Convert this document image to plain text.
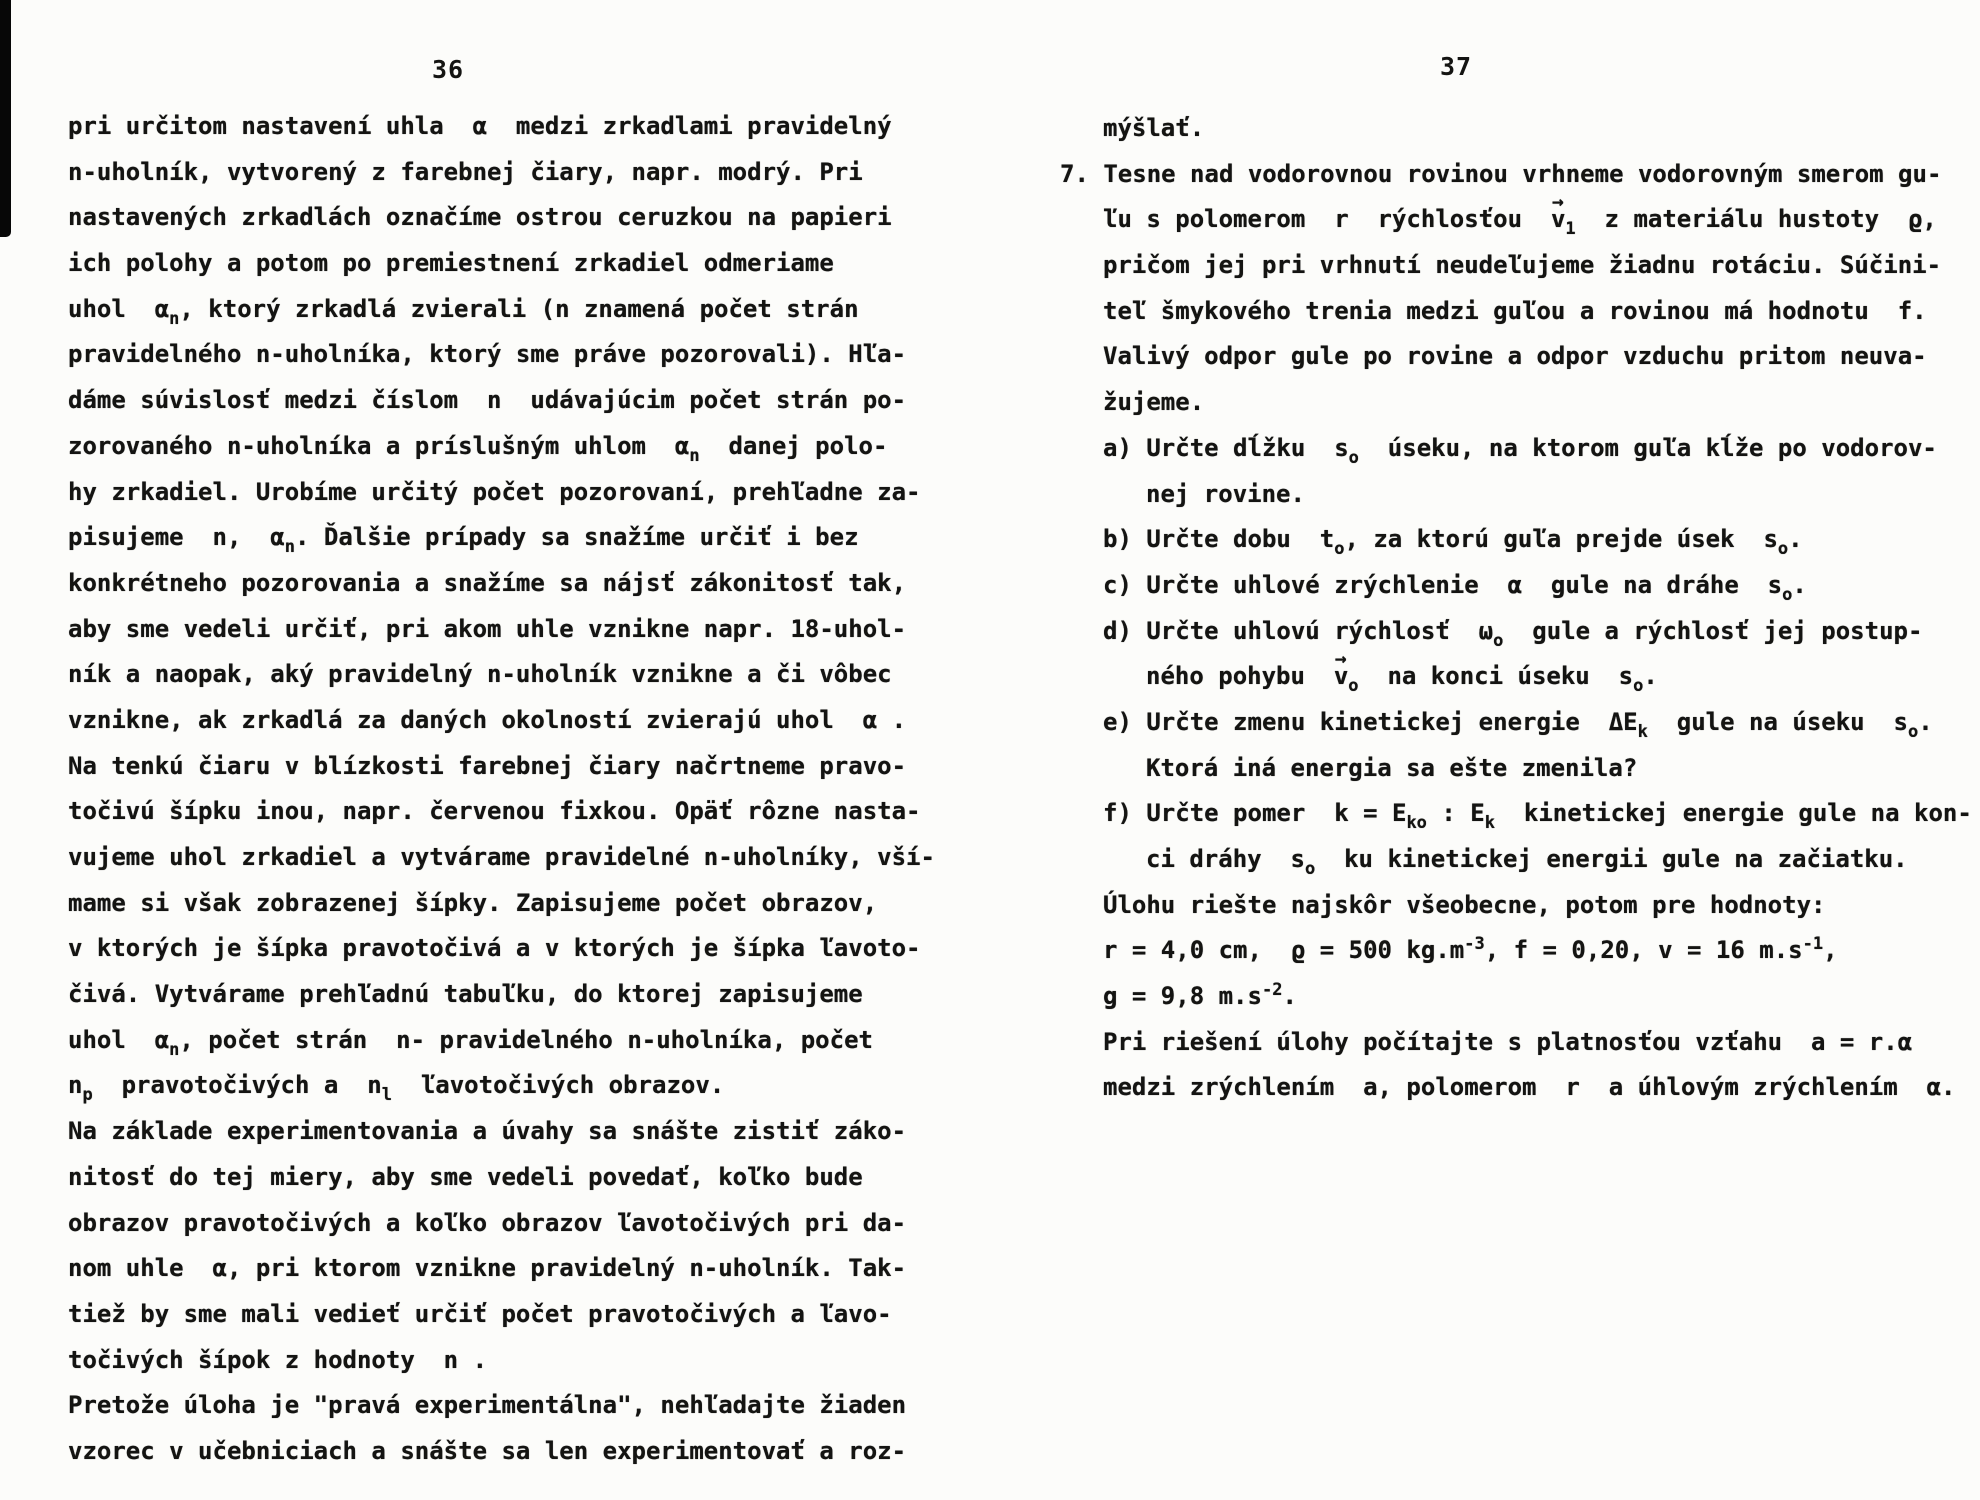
36	37
pri určitom nastavení uhla  α  medzi zrkadlami pravidelný
n-uholník, vytvorený z farebnej čiary, napr. modrý. Pri
nastavených zrkadlách označíme ostrou ceruzkou na papieri
ich polohy a potom po premiestnení zrkadiel odmeriame
uhol  $\alpha_n$, ktorý zrkadlá zvierali (n znamená počet strán
pravidelného n-uholníka, ktorý sme práve pozorovali). Hľa-
dáme súvislosť medzi číslom  n  udávajúcim počet strán po-
zorovaného n-uholníka a príslušným uhlom  $\alpha_n$  danej polo-
hy zrkadiel. Urobíme určitý počet pozorovaní, prehľadne za-
pisujeme  n,  $\alpha_n$. Ďalšie prípady sa snažíme určiť i bez
konkrétneho pozorovania a snažíme sa nájsť zákonitosť tak,
aby sme vedeli určiť, pri akom uhle vznikne napr. 18-uhol-
ník a naopak, aký pravidelný n-uholník vznikne a či vôbec
vznikne, ak zrkadlá za daných okolností zvierajú uhol  α .
Na tenkú čiaru v blízkosti farebnej čiary načrtneme pravo-
točivú šípku inou, napr. červenou fixkou. Opäť rôzne nasta-
vujeme uhol zrkadiel a vytvárame pravidelné n-uholníky, vší-
mame si však zobrazenej šípky. Zapisujeme počet obrazov,
v ktorých je šípka pravotočivá a v ktorých je šípka ľavoto-
čivá. Vytvárame prehľadnú tabuľku, do ktorej zapisujeme
uhol  $\alpha_n$, počet strán  n- pravidelného n-uholníka, počet
$n_p$  pravotočivých a  $n_l$  ľavotočivých obrazov.
Na základe experimentovania a úvahy sa snášte zistiť záko-
nitosť do tej miery, aby sme vedeli povedať, koľko bude
obrazov pravotočivých a koľko obrazov ľavotočivých pri da-
nom uhle  α, pri ktorom vznikne pravidelný n-uholník. Tak-
tiež by sme mali vedieť určiť počet pravotočivých a ľavo-
točivých šípok z hodnoty  n .
Pretože úloha je "pravá experimentálna", nehľadajte žiaden
vzorec v učebniciach a snášte sa len experimentovať a roz-
mýšlať.
7. Tesne nad vodorovnou rovinou vrhneme vodorovným smerom gu-
ľu s polomerom  r  rýchlosťou  → $v_1$  z materiálu hustoty  ϱ,
pričom jej pri vrhnutí neudeľujeme žiadnu rotáciu. Súčini-
teľ šmykového trenia medzi guľou a rovinou má hodnotu  f.
Valivý odpor gule po rovine a odpor vzduchu pritom neuva-
žujeme.
a) Určte dĺžku  $s_o$  úseku, na ktorom guľa kĺže po vodorov-
nej rovine.
b) Určte dobu  $t_o$, za ktorú guľa prejde úsek  $s_o$.
c) Určte uhlové zrýchlenie  α  gule na dráhe  $s_o$.
d) Určte uhlovú rýchlosť  $\omega_o$  gule a rýchlosť jej postup-
ného pohybu  → $v_o$  na konci úseku  $s_o$.
e) Určte zmenu kinetickej energie  $\Delta E_k$  gule na úseku  $s_o$.
Ktorá iná energia sa ešte zmenila?
f) Určte pomer  $k = E_{ko}$ : $E_k$  kinetickej energie gule na kon-
ci dráhy  $s_o$  ku kinetickej energii gule na začiatku.
Úlohu riešte najskôr všeobecne, potom pre hodnoty:
r = 4,0 cm,  ϱ = 500 $kg.m^{-3}$, f = 0,20, v = 16 $m.s^{-1}$,
g = 9,8 $m.s^{-2}$.
Pri riešení úlohy počítajte s platnosťou vzťahu  a = r.α
medzi zrýchlením  a, polomerom  r  a úhlovým zrýchlením  α.
